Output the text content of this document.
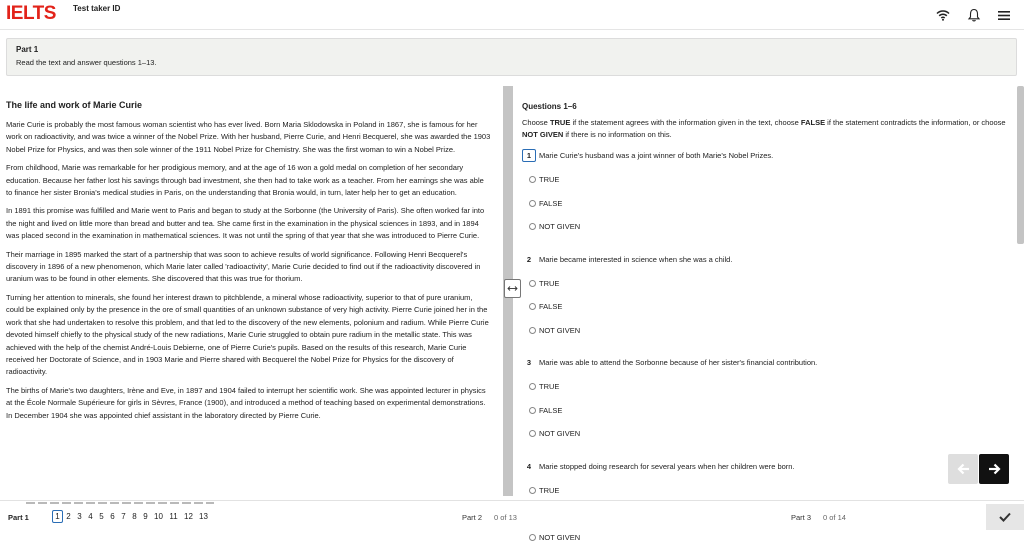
IELTS Test taker ID
Part 1
Read the text and answer questions 1–13.
The life and work of Marie Curie

Marie Curie is probably the most famous woman scientist who has ever lived. Born Maria Sklodowska in Poland in 1867, she is famous for her work on radioactivity, and was twice a winner of the Nobel Prize. With her husband, Pierre Curie, and Henri Becquerel, she was awarded the 1903 Nobel Prize for Physics, and was then sole winner of the 1911 Nobel Prize for Chemistry. She was the first woman to win a Nobel Prize.

From childhood, Marie was remarkable for her prodigious memory, and at the age of 16 won a gold medal on completion of her secondary education. Because her father lost his savings through bad investment, she then had to take work as a teacher. From her earnings she was able to finance her sister Bronia's medical studies in Paris, on the understanding that Bronia would, in turn, later help her to get an education.

In 1891 this promise was fulfilled and Marie went to Paris and began to study at the Sorbonne (the University of Paris). She often worked far into the night and lived on little more than bread and butter and tea. She came first in the examination in the physical sciences in 1893, and in 1894 was placed second in the examination in mathematical sciences. It was not until the spring of that year that she was introduced to Pierre Curie.

Their marriage in 1895 marked the start of a partnership that was soon to achieve results of world significance. Following Henri Becquerel's discovery in 1896 of a new phenomenon, which Marie later called 'radioactivity', Marie Curie decided to find out if the radioactivity discovered in uranium was to be found in other elements. She discovered that this was true for thorium.

Turning her attention to minerals, she found her interest drawn to pitchblende, a mineral whose radioactivity, superior to that of pure uranium, could be explained only by the presence in the ore of small quantities of an unknown substance of very high activity. Pierre Curie joined her in the work that she had undertaken to resolve this problem, and that led to the discovery of the new elements, polonium and radium. While Pierre Curie devoted himself chiefly to the physical study of the new radiations, Marie Curie struggled to obtain pure radium in the metallic state. This was achieved with the help of the chemist André-Louis Debierne, one of Pierre Curie's pupils. Based on the results of this research, Marie Curie received her Doctorate of Science, and in 1903 Marie and Pierre shared with Becquerel the Nobel Prize for Physics for the discovery of radioactivity.

The births of Marie's two daughters, Irène and Eve, in 1897 and 1904 failed to interrupt her scientific work. She was appointed lecturer in physics at the École Normale Supérieure for girls in Sèvres, France (1900), and introduced a method of teaching based on experimental demonstrations. In December 1904 she was appointed chief assistant in the laboratory directed by Pierre Curie.

Questions 1–6
Choose TRUE if the statement agrees with the information given in the text, choose FALSE if the statement contradicts the information, or choose NOT GIVEN if there is no information on this.
1	Marie Curie's husband was a joint winner of both Marie's Nobel Prizes.
TRUE
FALSE
NOT GIVEN
2	Marie became interested in science when she was a child.
TRUE
FALSE
NOT GIVEN
3	Marie was able to attend the Sorbonne because of her sister's financial contribution.
TRUE
FALSE
NOT GIVEN
4	Marie stopped doing research for several years when her children were born.
TRUE
NOT GIVEN
Part 1	1 2 3 4 5 6 7 8 9 10 11 12 13	Part 2 0 of 13	Part 3 0 of 14
